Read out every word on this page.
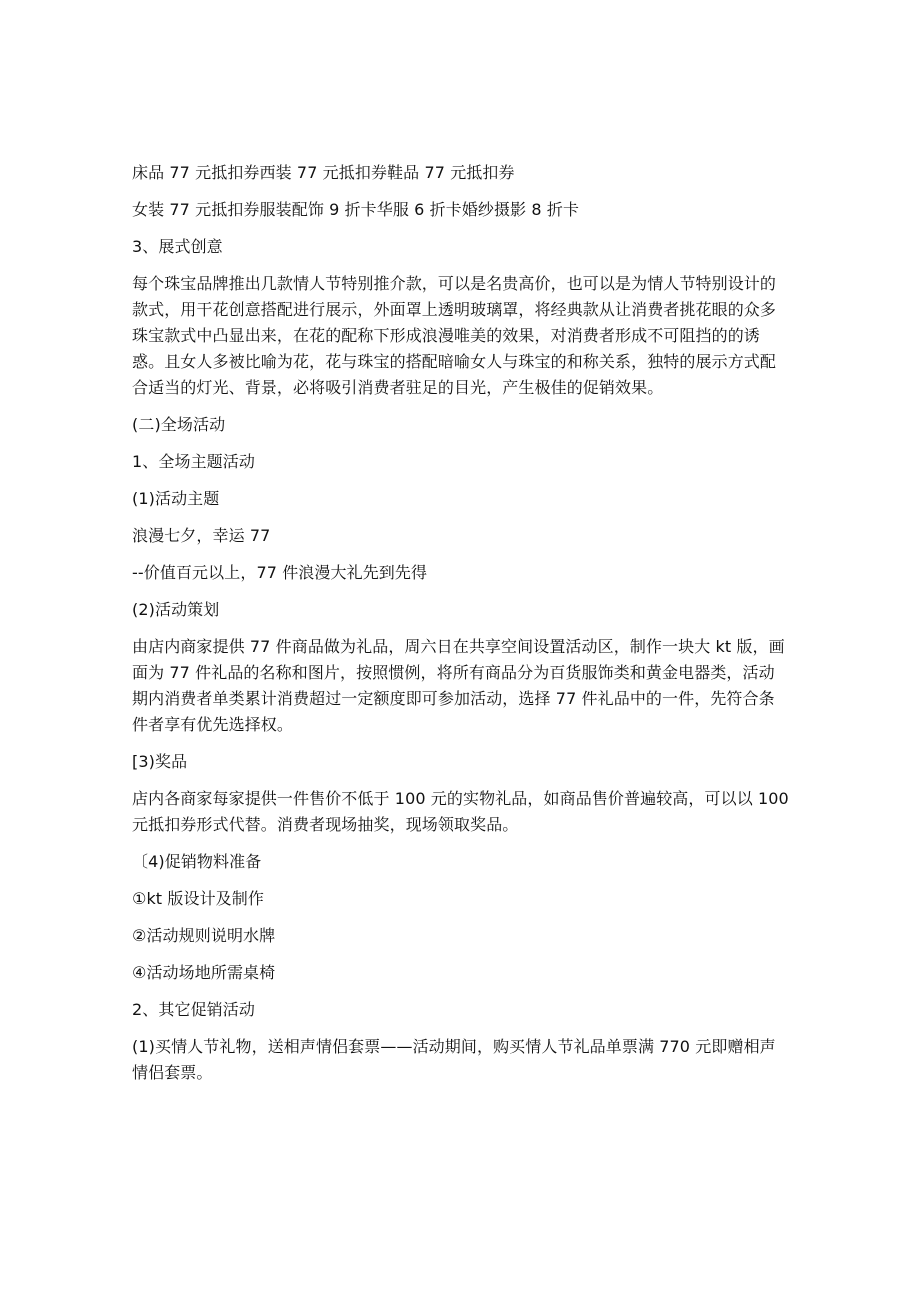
床品 77 元抵扣券西装 77 元抵扣券鞋品 77 元抵扣券

女装 77 元抵扣券服装配饰 9 折卡华服 6 折卡婚纱摄影 8 折卡

3、展式创意

每个珠宝品牌推出几款情人节特别推介款，可以是名贵高价，也可以是为情人节特别设计的款式，用干花创意搭配进行展示，外面罩上透明玻璃罩，将经典款从让消费者挑花眼的众多珠宝款式中凸显出来，在花的配称下形成浪漫唯美的效果，对消费者形成不可阻挡的的诱惑。且女人多被比喻为花，花与珠宝的搭配暗喻女人与珠宝的和称关系，独特的展示方式配合适当的灯光、背景，必将吸引消费者驻足的目光，产生极佳的促销效果。

(二)全场活动

1、全场主题活动

(1)活动主题

浪漫七夕，幸运 77

--价值百元以上，77 件浪漫大礼先到先得

(2)活动策划

由店内商家提供 77 件商品做为礼品，周六日在共享空间设置活动区，制作一块大 kt 版，画面为 77 件礼品的名称和图片，按照惯例，将所有商品分为百货服饰类和黄金电器类，活动期内消费者单类累计消费超过一定额度即可参加活动，选择 77 件礼品中的一件，先符合条件者享有优先选择权。

[3)奖品

店内各商家每家提供一件售价不低于 100 元的实物礼品，如商品售价普遍较高，可以以 100 元抵扣券形式代替。消费者现场抽奖，现场领取奖品。

〔4)促销物料准备

①kt 版设计及制作

②活动规则说明水牌

④活动场地所需桌椅

2、其它促销活动

(1)买情人节礼物，送相声情侣套票——活动期间，购买情人节礼品单票满 770 元即赠相声情侣套票。
